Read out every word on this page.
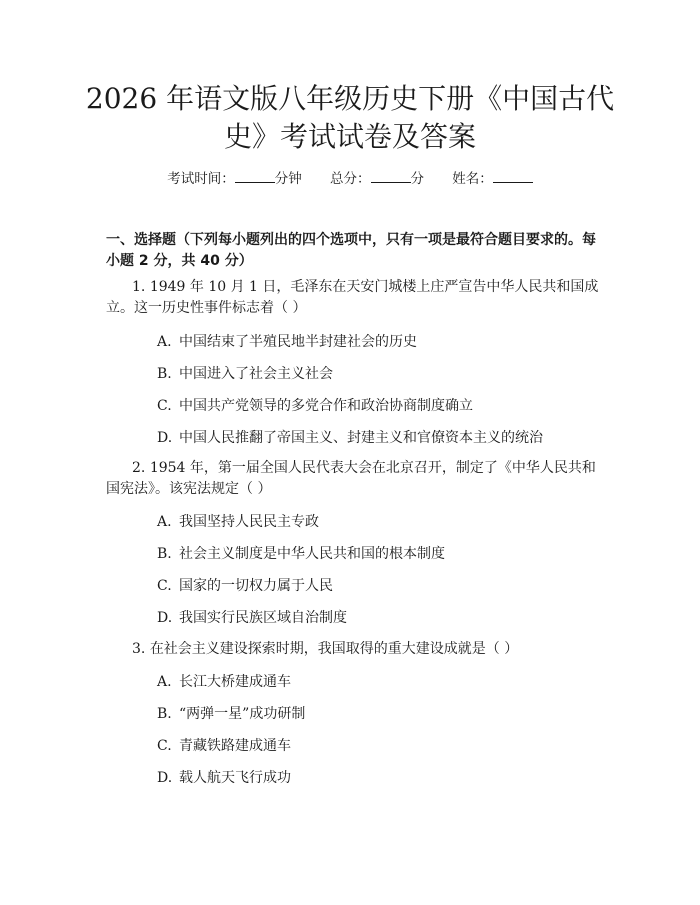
2026 年语文版八年级历史下册《中国古代
史》考试试卷及答案
考试时间：	分钟 总分：	分 姓名：
一、选择题（下列每小题列出的四个选项中，只有一项是最符合题目要求的。每小题 2 分，共 40 分）
1. 1949 年 10 月 1 日，毛泽东在天安门城楼上庄严宣告中华人民共和国成立。这一历史性事件标志着（ ）
A. 中国结束了半殖民地半封建社会的历史
B. 中国进入了社会主义社会
C. 中国共产党领导的多党合作和政治协商制度确立
D. 中国人民推翻了帝国主义、封建主义和官僚资本主义的统治
2. 1954 年，第一届全国人民代表大会在北京召开，制定了《中华人民共和国宪法》。该宪法规定（ ）
A. 我国坚持人民民主专政
B. 社会主义制度是中华人民共和国的根本制度
C. 国家的一切权力属于人民
D. 我国实行民族区域自治制度
3. 在社会主义建设探索时期，我国取得的重大建设成就是（ ）
A. 长江大桥建成通车
B. “两弹一星”成功研制
C. 青藏铁路建成通车
D. 载人航天飞行成功
